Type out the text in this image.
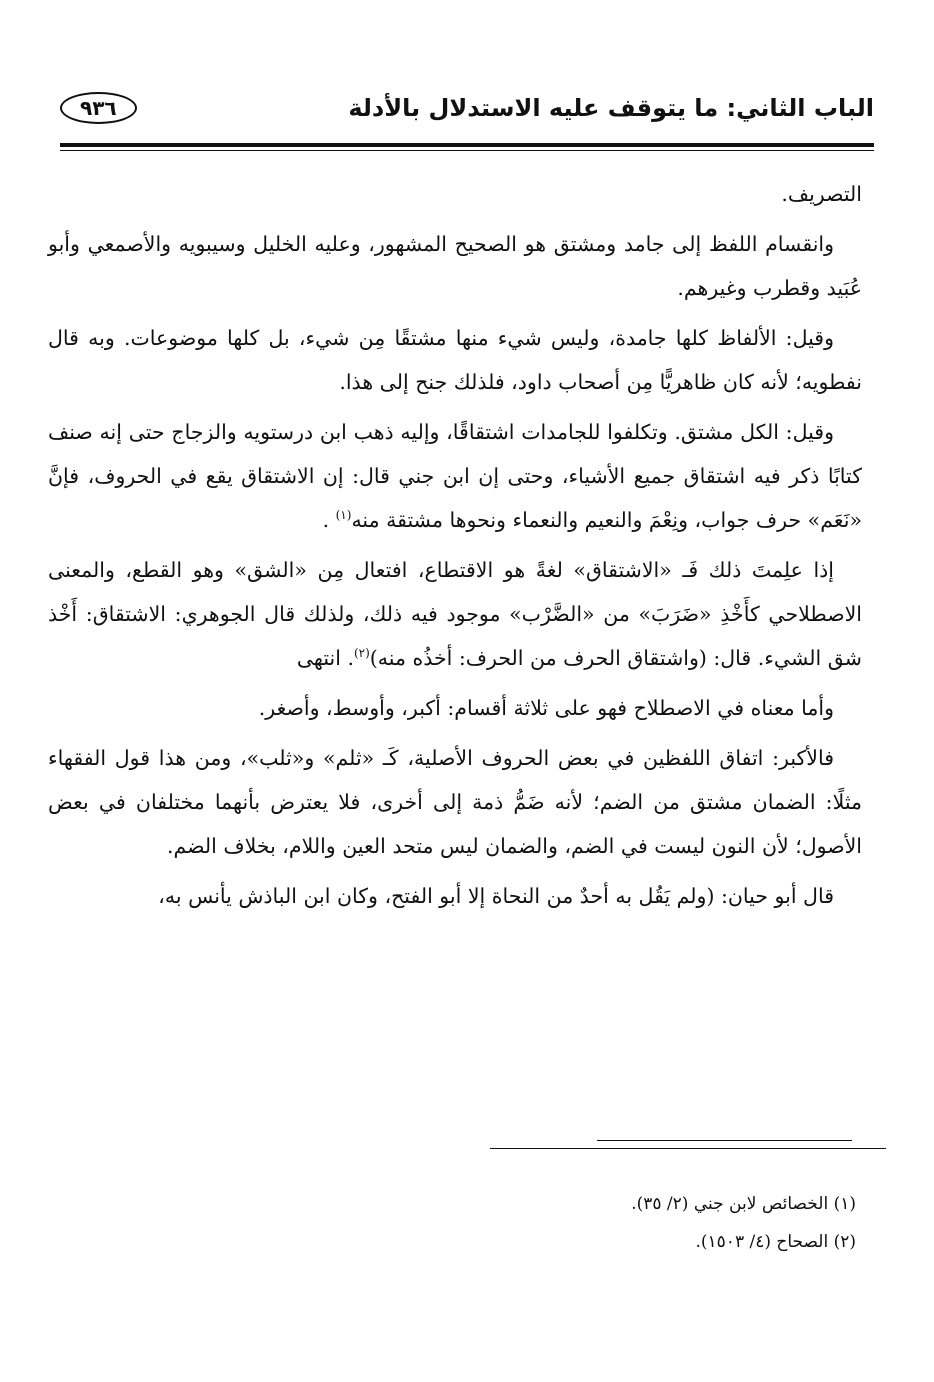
الباب الثاني: ما يتوقف عليه الاستدلال بالأدلة
٩٣٦

التصريف.

وانقسام اللفظ إلى جامد ومشتق هو الصحيح المشهور، وعليه الخليل وسيبويه والأصمعي وأبو عُبَيد وقطرب وغيرهم.

وقيل: الألفاظ كلها جامدة، وليس شيء منها مشتقًا مِن شيء، بل كلها موضوعات. وبه قال نفطويه؛ لأنه كان ظاهريًّا مِن أصحاب داود، فلذلك جنح إلى هذا.

وقيل: الكل مشتق. وتكلفوا للجامدات اشتقاقًا، وإليه ذهب ابن درستويه والزجاج حتى إنه صنف كتابًا ذكر فيه اشتقاق جميع الأشياء، وحتى إن ابن جني قال: إن الاشتقاق يقع في الحروف، فإنَّ «نَعَم» حرف جواب، ونِعْمَ والنعيم والنعماء ونحوها مشتقة منه$^{(١)}$ .

إذا علِمتَ ذلك فَـ «الاشتقاق» لغةً هو الاقتطاع، افتعال مِن «الشق» وهو القطع، والمعنى الاصطلاحي كأَخْذِ «ضَرَبَ» من «الضَّرْب» موجود فيه ذلك، ولذلك قال الجوهري: الاشتقاق: أَخْذ شق الشيء. قال: (واشتقاق الحرف من الحرف: أخذُه منه)$^{(٢)}$. انتهى

وأما معناه في الاصطلاح فهو على ثلاثة أقسام: أكبر، وأوسط، وأصغر.

فالأكبر: اتفاق اللفظين في بعض الحروف الأصلية، كَـ «ثلم» و«ثلب»، ومن هذا قول الفقهاء مثلًا: الضمان مشتق من الضم؛ لأنه ضَمُّ ذمة إلى أخرى، فلا يعترض بأنهما مختلفان في بعض الأصول؛ لأن النون ليست في الضم، والضمان ليس متحد العين واللام، بخلاف الضم.

قال أبو حيان: (ولم يَقُل به أحدٌ من النحاة إلا أبو الفتح، وكان ابن الباذش يأنس به،

(١) الخصائص لابن جني (٢/ ٣٥).

(٢) الصحاح (٤/ ١٥٠٣).
